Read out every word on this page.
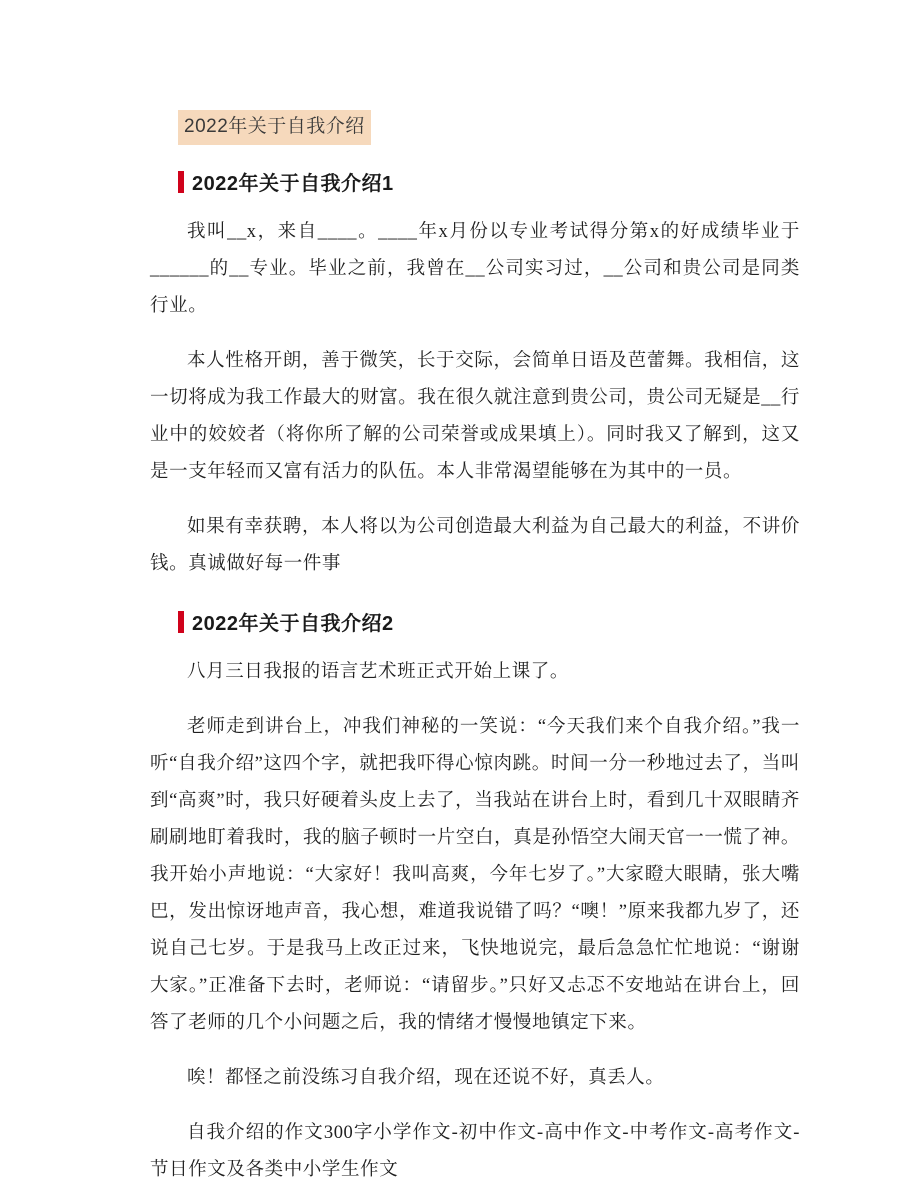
2022年关于自我介绍
2022年关于自我介绍1

我叫__x，来自____。____年x月份以专业考试得分第x的好成绩毕业于______的__专业。毕业之前，我曾在__公司实习过，__公司和贵公司是同类行业。

本人性格开朗，善于微笑，长于交际，会简单日语及芭蕾舞。我相信，这一切将成为我工作最大的财富。我在很久就注意到贵公司，贵公司无疑是__行业中的姣姣者（将你所了解的公司荣誉或成果填上）。同时我又了解到，这又是一支年轻而又富有活力的队伍。本人非常渴望能够在为其中的一员。

如果有幸获聘，本人将以为公司创造最大利益为自己最大的利益，不讲价钱。真诚做好每一件事

2022年关于自我介绍2

八月三日我报的语言艺术班正式开始上课了。

老师走到讲台上，冲我们神秘的一笑说：“今天我们来个自我介绍。”我一听“自我介绍”这四个字，就把我吓得心惊肉跳。时间一分一秒地过去了，当叫到“高爽”时，我只好硬着头皮上去了，当我站在讲台上时，看到几十双眼睛齐刷刷地盯着我时，我的脑子顿时一片空白，真是孙悟空大闹天官一一慌了神。我开始小声地说：“大家好！我叫高爽，今年七岁了。”大家瞪大眼睛，张大嘴巴，发出惊讶地声音，我心想，难道我说错了吗？“噢！”原来我都九岁了，还说自己七岁。于是我马上改正过来，飞快地说完，最后急急忙忙地说：“谢谢大家。”正准备下去时，老师说：“请留步。”只好又忐忑不安地站在讲台上，回答了老师的几个小问题之后，我的情绪才慢慢地镇定下来。

唉！都怪之前没练习自我介绍，现在还说不好，真丢人。

自我介绍的作文300字小学作文-初中作文-高中作文-中考作文-高考作文-节日作文及各类中小学生作文
